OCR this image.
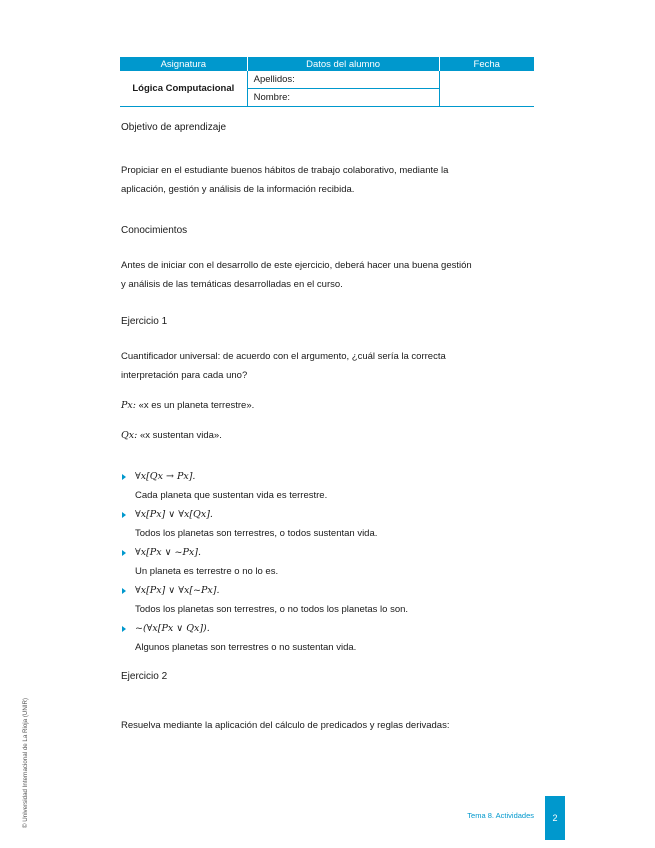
Asignatura	Datos del alumno	Fecha
Lógica Computacional	Apellidos:	
	Nombre:	

Objetivo de aprendizaje

Propiciar en el estudiante buenos hábitos de trabajo colaborativo, mediante la

aplicación, gestión y análisis de la información recibida.

Conocimientos

Antes de iniciar con el desarrollo de este ejercicio, deberá hacer una buena gestión

y análisis de las temáticas desarrolladas en el curso.

Ejercicio 1

Cuantificador universal: de acuerdo con el argumento, ¿cuál sería la correcta

interpretación para cada uno?

Px: «x es un planeta terrestre».

Qx: «x sustentan vida».

∀x[Qx → Px].
Cada planeta que sustentan vida es terrestre.
∀x[Px] ∨ ∀x[Qx].
Todos los planetas son terrestres, o todos sustentan vida.
∀x[Px ∨ ~Px].
Un planeta es terrestre o no lo es.
∀x[Px] ∨ ∀x[~Px].
Todos los planetas son terrestres, o no todos los planetas lo son.
~(∀x[Px ∨ Qx]).
Algunos planetas son terrestres o no sustentan vida.

Ejercicio 2

Resuelva mediante la aplicación del cálculo de predicados y reglas derivadas:

© Universidad Internacional de La Rioja (UNIR)	Tema 8. Actividades	2
